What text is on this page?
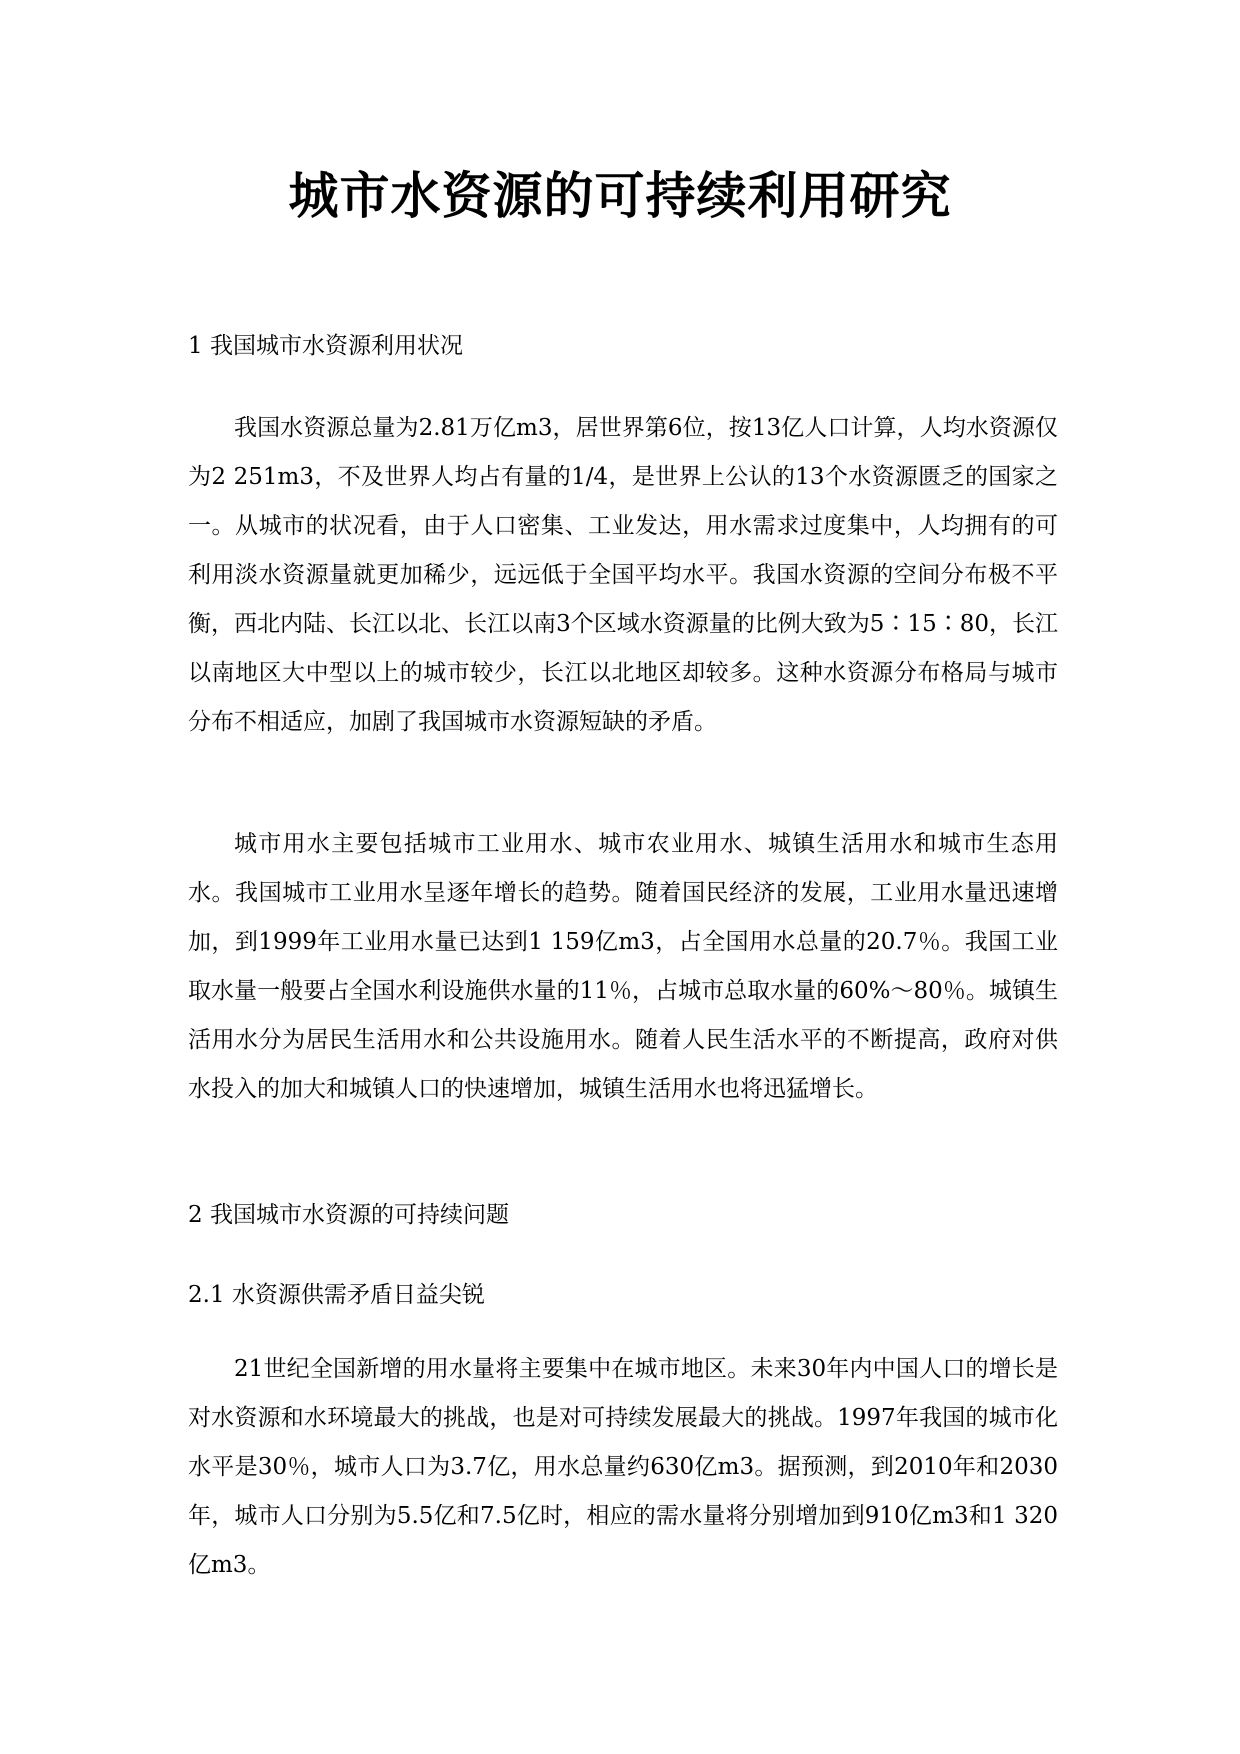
城市水资源的可持续利用研究
1 我国城市水资源利用状况

我国水资源总量为2.81万亿m3，居世界第6位，按13亿人口计算，人均水资源仅为2 251m3，不及世界人均占有量的1/4，是世界上公认的13个水资源匮乏的国家之一。从城市的状况看，由于人口密集、工业发达，用水需求过度集中，人均拥有的可利用淡水资源量就更加稀少，远远低于全国平均水平。我国水资源的空间分布极不平衡，西北内陆、长江以北、长江以南3个区域水资源量的比例大致为5∶15∶80，长江以南地区大中型以上的城市较少，长江以北地区却较多。这种水资源分布格局与城市分布不相适应，加剧了我国城市水资源短缺的矛盾。

城市用水主要包括城市工业用水、城市农业用水、城镇生活用水和城市生态用水。我国城市工业用水呈逐年增长的趋势。随着国民经济的发展，工业用水量迅速增加，到1999年工业用水量已达到1 159亿m3，占全国用水总量的20.7％。我国工业取水量一般要占全国水利设施供水量的11％，占城市总取水量的60%～80％。城镇生活用水分为居民生活用水和公共设施用水。随着人民生活水平的不断提高，政府对供水投入的加大和城镇人口的快速增加，城镇生活用水也将迅猛增长。

2 我国城市水资源的可持续问题
2.1 水资源供需矛盾日益尖锐

21世纪全国新增的用水量将主要集中在城市地区。未来30年内中国人口的增长是对水资源和水环境最大的挑战，也是对可持续发展最大的挑战。1997年我国的城市化水平是30％，城市人口为3.7亿，用水总量约630亿m3。据预测，到2010年和2030年，城市人口分别为5.5亿和7.5亿时，相应的需水量将分别增加到910亿m3和1 320亿m3。
